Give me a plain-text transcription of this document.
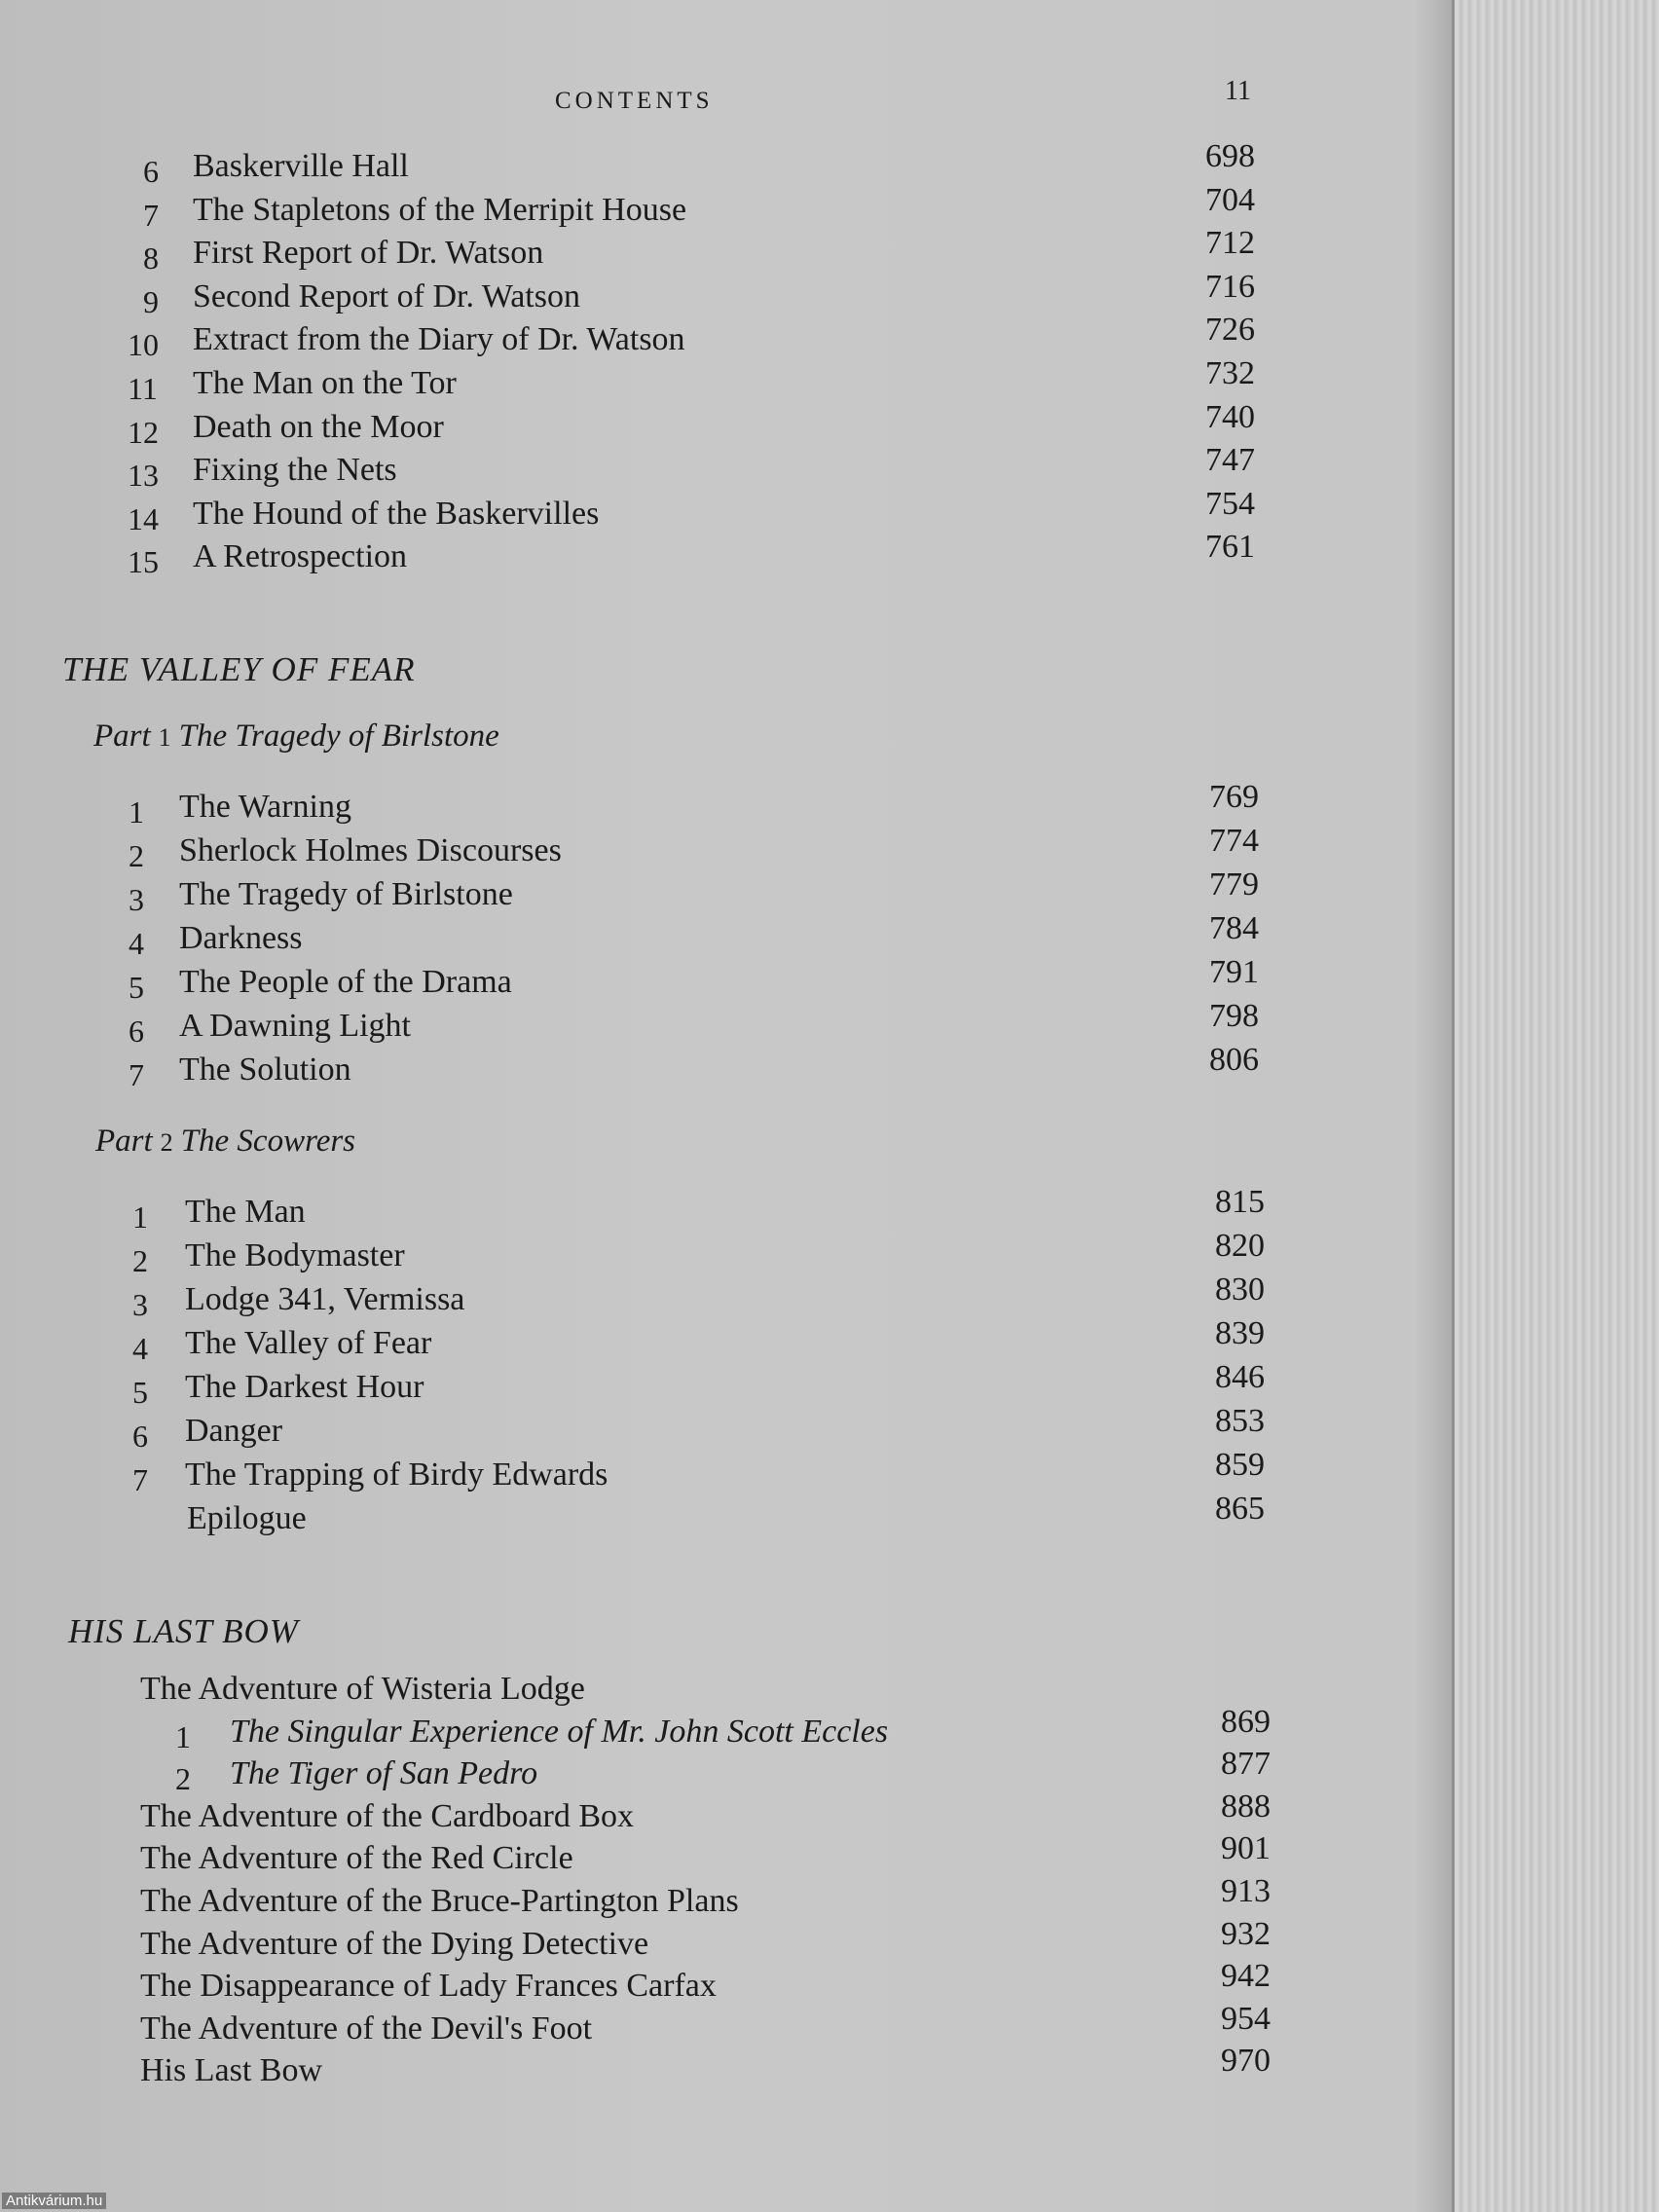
CONTENTS	11
6 Baskerville Hall	698
7 The Stapletons of the Merripit House	704
8 First Report of Dr. Watson	712
9 Second Report of Dr. Watson	716
10 Extract from the Diary of Dr. Watson	726
11 The Man on the Tor	732
12 Death on the Moor	740
13 Fixing the Nets	747
14 The Hound of the Baskervilles	754
15 A Retrospection	761
THE VALLEY OF FEAR
Part 1 The Tragedy of Birlstone
1 The Warning	769
2 Sherlock Holmes Discourses	774
3 The Tragedy of Birlstone	779
4 Darkness	784
5 The People of the Drama	791
6 A Dawning Light	798
7 The Solution	806
Part 2 The Scowrers
1 The Man	815
2 The Bodymaster	820
3 Lodge 341, Vermissa	830
4 The Valley of Fear	839
5 The Darkest Hour	846
6 Danger	853
7 The Trapping of Birdy Edwards	859
Epilogue	865
HIS LAST BOW
The Adventure of Wisteria Lodge
1 The Singular Experience of Mr. John Scott Eccles	869
2 The Tiger of San Pedro	877
The Adventure of the Cardboard Box	888
The Adventure of the Red Circle	901
The Adventure of the Bruce-Partington Plans	913
The Adventure of the Dying Detective	932
The Disappearance of Lady Frances Carfax	942
The Adventure of the Devil's Foot	954
His Last Bow	970
Antikvárium.hu
